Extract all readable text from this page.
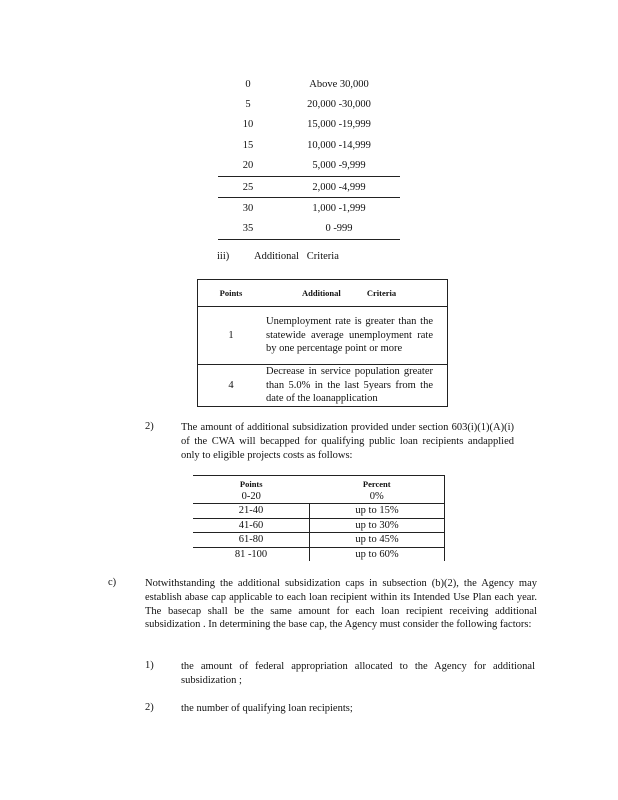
0	Above 30,000
5	20,000 -30,000
10	15,000 -19,999
15	10,000 -14,999
20	5,000 -9,999
25	2,000 -4,999
30	1,000 -1,999
35	0 -999
iii) Additional   Criteria
Points	Additional Criteria
1	Unemployment rate is greater than the statewide average unemployment rate by one percentage point or more
4	Decrease in service population greater than 5.0% in the last 5years from the date of the loanapplication
2)	The amount of additional subsidization provided under section 603(i)(1)(A)(i) of the CWA will becapped for qualifying public loan recipients andapplied only to eligible projects costs as follows:
Points	Percent
0-20	0%
21-40	up to 15%
41-60	up to 30%
61-80	up to 45%
81 -100	up to 60%
c)	Notwithstanding the additional subsidization caps in subsection (b)(2), the Agency may establish abase cap applicable to each loan recipient within its Intended Use Plan each year. The basecap shall be the same amount for each loan recipient receiving additional subsidization . In determining the base cap, the Agency must consider the following factors:
1)	the amount of federal appropriation allocated to the Agency for additional subsidization ;
2)	the number of qualifying loan recipients;
